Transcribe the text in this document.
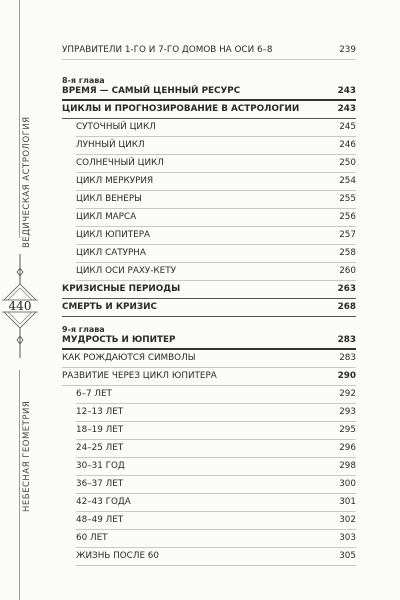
ВЕДИЧЕСКАЯ АСТРОЛОГИЯ
НЕБЕСНАЯ ГЕОМЕТРИЯ
440
УПРАВИТЕЛИ 1-ГО И 7-ГО ДОМОВ НА ОСИ 6–8	239
8-я глава
ВРЕМЯ — САМЫЙ ЦЕННЫЙ РЕСУРС	243
ЦИКЛЫ И ПРОГНОЗИРОВАНИЕ В АСТРОЛОГИИ	243
СУТОЧНЫЙ ЦИКЛ	245
ЛУННЫЙ ЦИКЛ	246
СОЛНЕЧНЫЙ ЦИКЛ	250
ЦИКЛ МЕРКУРИЯ	254
ЦИКЛ ВЕНЕРЫ	255
ЦИКЛ МАРСА	256
ЦИКЛ ЮПИТЕРА	257
ЦИКЛ САТУРНА	258
ЦИКЛ ОСИ РАХУ-КЕТУ	260
КРИЗИСНЫЕ ПЕРИОДЫ	263
СМЕРТЬ И КРИЗИС	268
9-я глава
МУДРОСТЬ И ЮПИТЕР	283
КАК РОЖДАЮТСЯ СИМВОЛЫ	283
РАЗВИТИЕ ЧЕРЕЗ ЦИКЛ ЮПИТЕРА	290
6–7 ЛЕТ	292
12–13 ЛЕТ	293
18–19 ЛЕТ	295
24–25 ЛЕТ	296
30–31 ГОД	298
36–37 ЛЕТ	300
42–43 ГОДА	301
48–49 ЛЕТ	302
60 ЛЕТ	303
ЖИЗНЬ ПОСЛЕ 60	305
